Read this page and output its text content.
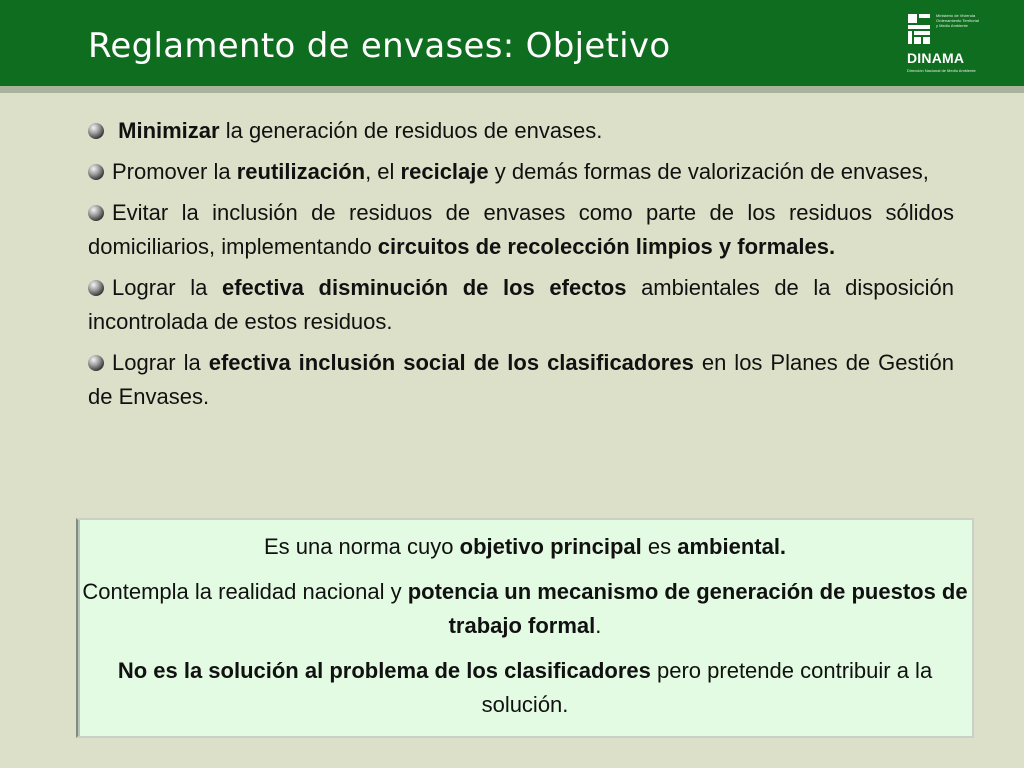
Reglamento de envases: Objetivo
Ministerio de Vivienda
Ordenamiento Territorial
y Medio Ambiente
DINAMA
Dirección Nacional de Medio Ambiente
Minimizar la generación de residuos de envases.
Promover la reutilización, el reciclaje y demás formas de valorización de envases,
Evitar la inclusión de residuos de envases como parte de los residuos sólidos domiciliarios, implementando circuitos de recolección limpios y formales.
Lograr la efectiva disminución de los efectos ambientales de la disposición incontrolada de estos residuos.
Lograr la efectiva inclusión social de los clasificadores en los Planes de Gestión de Envases.

Es una norma cuyo objetivo principal es ambiental.

Contempla la realidad nacional y potencia un mecanismo de generación de puestos de trabajo formal.

No es la solución al problema de los clasificadores pero pretende contribuir a la solución.
